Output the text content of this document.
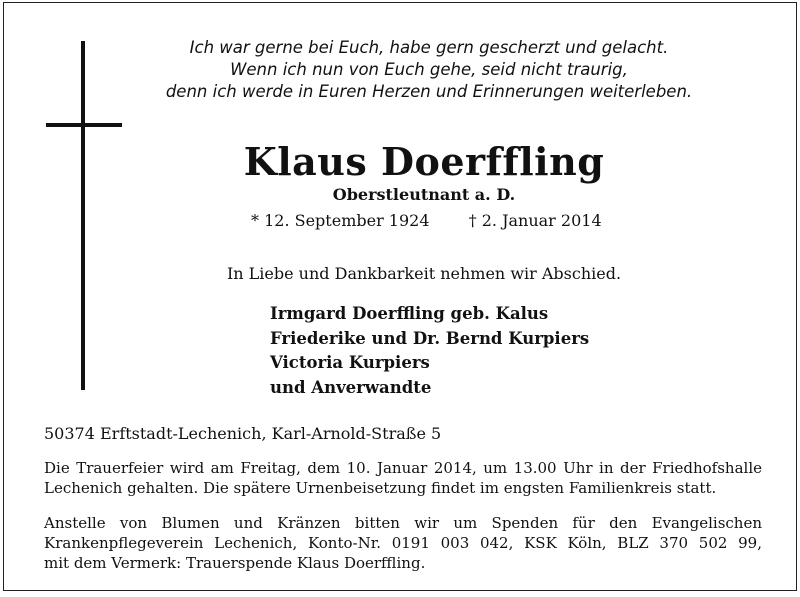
Ich war gerne bei Euch, habe gern gescherzt und gelacht.
Wenn ich nun von Euch gehe, seid nicht traurig,
denn ich werde in Euren Herzen und Erinnerungen weiterleben.
Klaus Doerffling
Oberstleutnant a. D.
* 12. September 1924 † 2. Januar 2014
In Liebe und Dankbarkeit nehmen wir Abschied.
Irmgard Doerffling geb. Kalus
Friederike und Dr. Bernd Kurpiers
Victoria Kurpiers
und Anverwandte
50374 Erftstadt-Lechenich, Karl-Arnold-Straße 5
Die Trauerfeier wird am Freitag, dem 10. Januar 2014, um 13.00 Uhr in der Friedhofshalle
Lechenich gehalten. Die spätere Urnenbeisetzung findet im engsten Familienkreis statt.
Anstelle von Blumen und Kränzen bitten wir um Spenden für den Evangelischen
Krankenpflegeverein Lechenich, Konto-Nr. 0191 003 042, KSK Köln, BLZ 370 502 99,
mit dem Vermerk: Trauerspende Klaus Doerffling.
